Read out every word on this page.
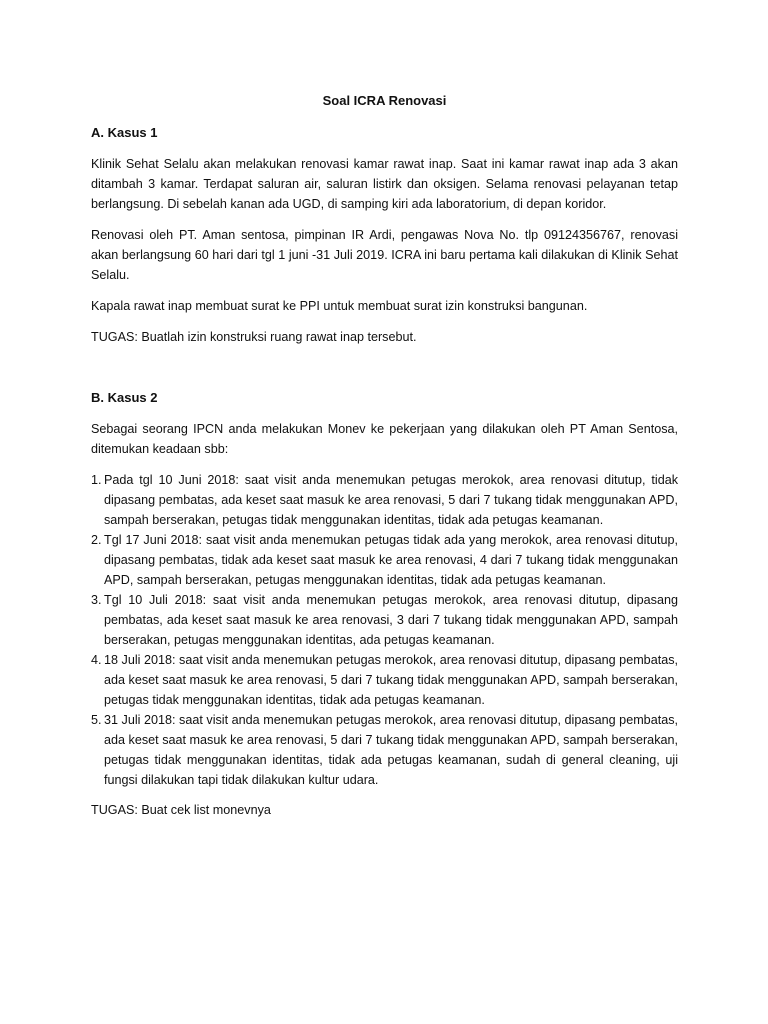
Soal ICRA Renovasi
A. Kasus 1

Klinik Sehat Selalu akan melakukan renovasi kamar rawat inap. Saat ini kamar rawat inap ada 3 akan ditambah 3 kamar. Terdapat saluran air, saluran listirk dan oksigen. Selama renovasi pelayanan tetap berlangsung. Di sebelah kanan ada UGD, di samping kiri ada laboratorium, di depan koridor.

Renovasi oleh PT. Aman sentosa, pimpinan IR Ardi, pengawas Nova No. tlp 09124356767, renovasi akan berlangsung 60 hari dari tgl 1 juni -31 Juli 2019. ICRA ini baru pertama kali dilakukan di Klinik Sehat Selalu.

Kapala rawat inap membuat surat ke PPI untuk membuat surat izin konstruksi bangunan.

TUGAS: Buatlah izin konstruksi ruang rawat inap tersebut.

B. Kasus 2

Sebagai seorang IPCN anda melakukan Monev ke pekerjaan yang dilakukan oleh PT Aman Sentosa, ditemukan keadaan sbb:

1. Pada tgl 10 Juni 2018: saat visit anda menemukan petugas merokok, area renovasi ditutup, tidak dipasang pembatas, ada keset saat masuk ke area renovasi, 5 dari 7 tukang tidak menggunakan APD, sampah berserakan, petugas tidak menggunakan identitas, tidak ada petugas keamanan.
2. Tgl 17 Juni 2018: saat visit anda menemukan petugas tidak ada yang merokok, area renovasi ditutup, dipasang pembatas, tidak ada keset saat masuk ke area renovasi, 4 dari 7 tukang tidak menggunakan APD, sampah berserakan, petugas menggunakan identitas, tidak ada petugas keamanan.
3. Tgl 10 Juli 2018: saat visit anda menemukan petugas merokok, area renovasi ditutup, dipasang pembatas, ada keset saat masuk ke area renovasi, 3 dari 7 tukang tidak menggunakan APD, sampah berserakan, petugas menggunakan identitas, ada petugas keamanan.
4. 18 Juli 2018: saat visit anda menemukan petugas merokok, area renovasi ditutup, dipasang pembatas, ada keset saat masuk ke area renovasi, 5 dari 7 tukang tidak menggunakan APD, sampah berserakan, petugas tidak menggunakan identitas, tidak ada petugas keamanan.
5. 31 Juli 2018: saat visit anda menemukan petugas merokok, area renovasi ditutup, dipasang pembatas, ada keset saat masuk ke area renovasi, 5 dari 7 tukang tidak menggunakan APD, sampah berserakan, petugas tidak menggunakan identitas, tidak ada petugas keamanan, sudah di general cleaning, uji fungsi dilakukan tapi tidak dilakukan kultur udara.

TUGAS: Buat cek list monevnya
